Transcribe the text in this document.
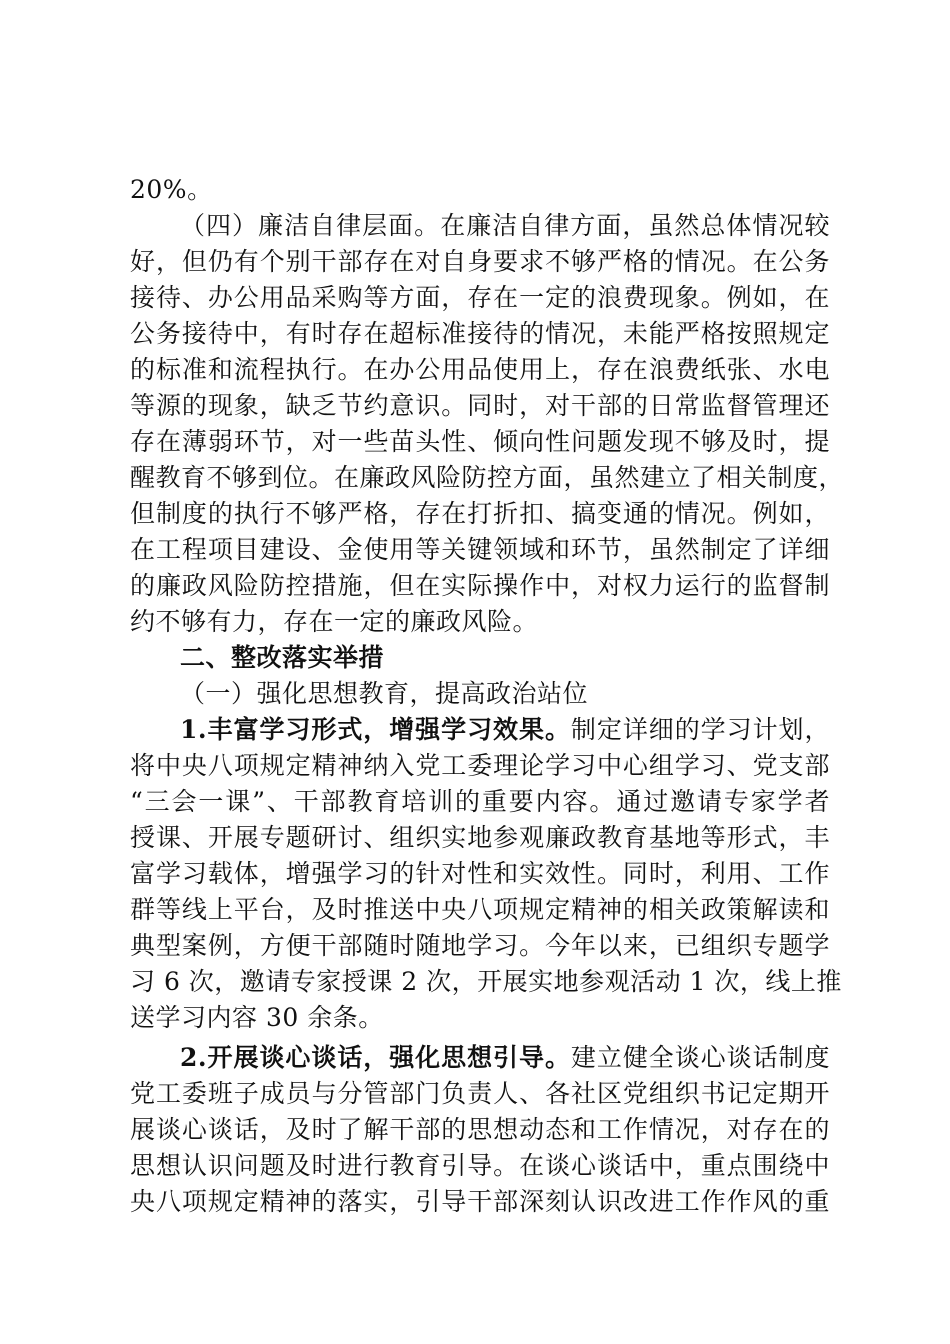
20%。
（四）廉洁自律层面。在廉洁自律方面，虽然总体情况较
好，但仍有个别干部存在对自身要求不够严格的情况。在公务
接待、办公用品采购等方面，存在一定的浪费现象。例如，在
公务接待中，有时存在超标准接待的情况，未能严格按照规定
的标准和流程执行。在办公用品使用上，存在浪费纸张、水电
等源的现象，缺乏节约意识。同时，对干部的日常监督管理还
存在薄弱环节，对一些苗头性、倾向性问题发现不够及时，提
醒教育不够到位。在廉政风险防控方面，虽然建立了相关制度，
但制度的执行不够严格，存在打折扣、搞变通的情况。例如，
在工程项目建设、金使用等关键领域和环节，虽然制定了详细
的廉政风险防控措施，但在实际操作中，对权力运行的监督制
约不够有力，存在一定的廉政风险。
二、整改落实举措
（一）强化思想教育，提高政治站位
1.丰富学习形式，增强学习效果。制定详细的学习计划，
将中央八项规定精神纳入党工委理论学习中心组学习、党支部
“三会一课”、干部教育培训的重要内容。通过邀请专家学者
授课、开展专题研讨、组织实地参观廉政教育基地等形式，丰
富学习载体，增强学习的针对性和实效性。同时，利用、工作
群等线上平台，及时推送中央八项规定精神的相关政策解读和
典型案例，方便干部随时随地学习。今年以来，已组织专题学
习 6 次，邀请专家授课 2 次，开展实地参观活动 1 次，线上推
送学习内容 30 余条。
2.开展谈心谈话，强化思想引导。建立健全谈心谈话制度
党工委班子成员与分管部门负责人、各社区党组织书记定期开
展谈心谈话，及时了解干部的思想动态和工作情况，对存在的
思想认识问题及时进行教育引导。在谈心谈话中，重点围绕中
央八项规定精神的落实，引导干部深刻认识改进工作作风的重
